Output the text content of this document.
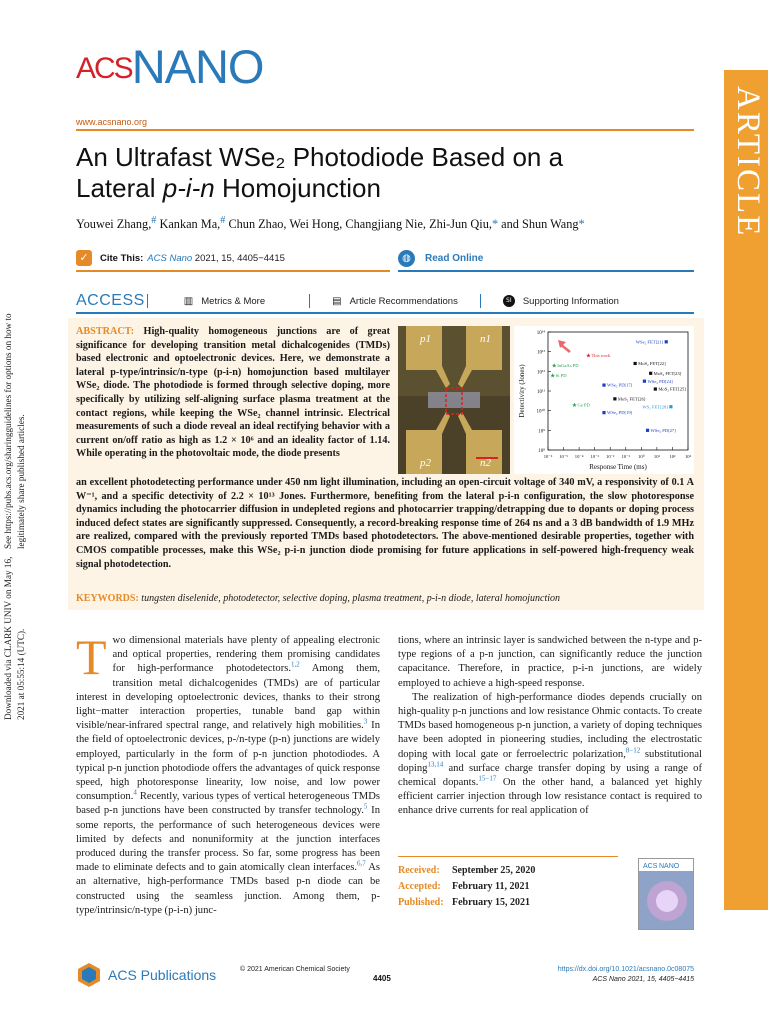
Downloaded via CLARK UNIV on May 16, 2021 at 05:55:14 (UTC).
See https://pubs.acs.org/sharingguidelines for options on how to legitimately share published articles.
ACS NANO
ARTICLE
www.acsnano.org
An Ultrafast WSe₂ Photodiode Based on a
Lateral p-i-n Homojunction
Youwei Zhang,# Kankan Ma,# Chun Zhao, Wei Hong, Changjiang Nie, Zhi-Jun Qiu,* and Shun Wang*
✓	Cite This: ACS Nano 2021, 15, 4405−4415	◍	Read Online
ACCESS	▥ Metrics & More	▤ Article Recommendations	SI	Supporting Information
ABSTRACT: High-quality homogeneous junctions are of great significance for developing transition metal dichalcogenides (TMDs) based electronic and optoelectronic devices. Here, we demonstrate a lateral p-type/intrinsic/n-type (p-i-n) homojunction based multilayer WSe₂ diode. The photodiode is formed through selective doping, more specifically by utilizing self-aligning surface plasma treatment at the contact regions, while keeping the WSe₂ channel intrinsic. Electrical measurements of such a diode reveal an ideal rectifying behavior with a current on/off ratio as high as 1.2 × 10⁶ and an ideality factor of 1.14. While operating in the photovoltaic mode, the diode presents
p1	n1
p2	n2
Detectivity (Jones)
Response Time (ms)
10⁻⁶ 10⁻⁵ 10⁻⁴ 10⁻³ 10⁻² 10⁻¹ 10⁰ 10¹ 10² 10³
10⁸
10⁹
10¹⁰
10¹¹
10¹²
10¹³
10¹⁴
WSe₂ FET[21]
★ InGaAs PD
★ This work
MoS₂ FET[22]
MoS₂ FET[23]
★ Si PD
WSe₂ PD[17]
WSe₂ PD[24]
MoS₂ FET[25]
MoS₂ FET[26]
★ Ge PD
WSe₂ PD[19]
WS₂ FET[28]
WSe₂ PD[27]
an excellent photodetecting performance under 450 nm light illumination, including an open-circuit voltage of 340 mV, a responsivity of 0.1 A W⁻¹, and a specific detectivity of 2.2 × 10¹³ Jones. Furthermore, benefiting from the lateral p-i-n configuration, the slow photoresponse dynamics including the photocarrier diffusion in undepleted regions and photocarrier trapping/detrapping due to dopants or doping process induced defect states are significantly suppressed. Consequently, a record-breaking response time of 264 ns and a 3 dB bandwidth of 1.9 MHz are realized, compared with the previously reported TMDs based photodetectors. The above-mentioned desirable properties, together with CMOS compatible processes, make this WSe₂ p-i-n junction diode promising for future applications in self-powered high-frequency weak signal photodetection.
KEYWORDS: tungsten diselenide, photodetector, selective doping, plasma treatment, p-i-n diode, lateral homojunction
Two dimensional materials have plenty of appealing electronic and optical properties, rendering them promising candidates for high-performance photodetectors.$^{1,2}$ Among them, transition metal dichalcogenides (TMDs) are of particular interest in developing optoelectronic devices, thanks to their strong light−matter interaction properties, tunable band gap within visible/near-infrared spectral range, and relatively high mobilities.$^3$ In the field of optoelectronic devices, p-/n-type (p-n) junctions are widely employed, particularly in the form of p-n junction photodiodes. A typical p-n junction photodiode offers the advantages of quick response speed, high photoresponse linearity, low noise, and low power consumption.$^4$ Recently, various types of vertical heterogeneous TMDs based p-n junctions have been constructed by transfer technology.$^5$ In some reports, the performance of such heterogeneous devices were limited by defects and nonuniformity at the junction interfaces produced during the transfer process. So far, some progress has been made to eliminate defects and to gain atomically clean interfaces.$^{6,7}$ As an alternative, high-performance TMDs based p-n diode can be constructed using the seamless junction. Among them, p-type/intrinsic/n-type (p-i-n) junc-
tions, where an intrinsic layer is sandwiched between the n-type and p-type regions of a p-n junction, can significantly reduce the junction capacitance. Therefore, in practice, p-i-n junctions, are widely employed to achieve a high-speed response.
The realization of high-performance diodes depends crucially on high-quality p-n junctions and low resistance Ohmic contacts. To create TMDs based homogeneous p-n junction, a variety of doping techniques have been adopted in pioneering studies, including the electrostatic doping with local gate or ferroelectric polarization,$^{8-12}$ substitutional doping$^{13,14}$ and surface charge transfer doping by using a range of chemical dopants.$^{15-17}$ On the other hand, a balanced yet highly efficient carrier injection through low resistance contact is required to enhance drive currents for real application of
Received:	September 25, 2020
Accepted:	February 11, 2021
Published: February 15, 2021
ACS NANO
ACS Publications	© 2021 American Chemical Society
4405
https://dx.doi.org/10.1021/acsnano.0c08075
ACS Nano 2021, 15, 4405−4415
